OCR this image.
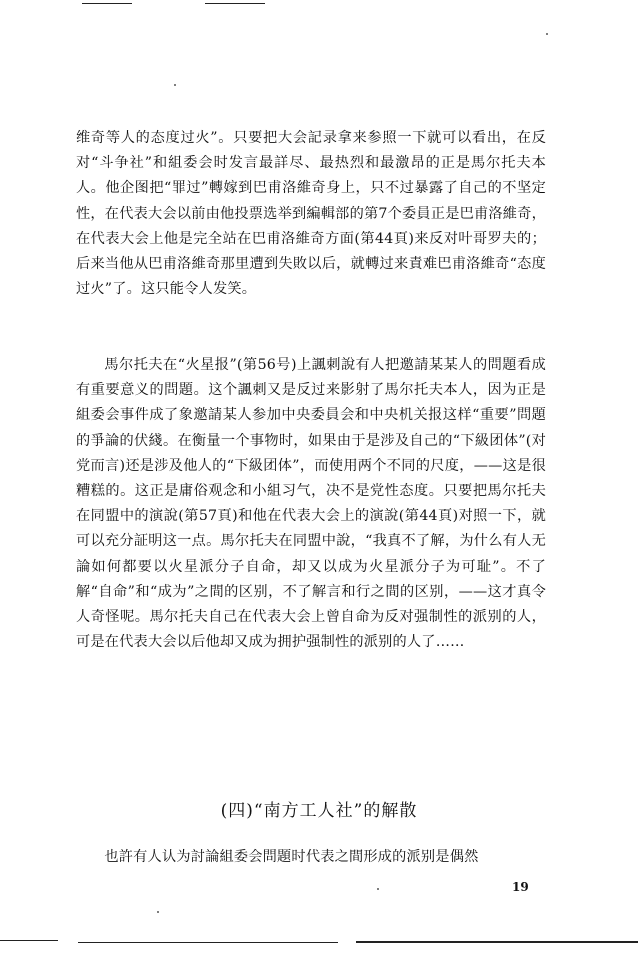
维奇等人的态度过火”。只要把大会記录拿来参照一下就可以看出，在反对“斗争社”和組委会时发言最詳尽、最热烈和最激昂的正是馬尔托夫本人。他企图把“罪过”轉嫁到巴甫洛維奇身上，只不过暴露了自己的不坚定性，在代表大会以前由他投票选举到編輯部的第7个委員正是巴甫洛維奇，在代表大会上他是完全站在巴甫洛維奇方面(第44頁)来反对叶哥罗夫的；后来当他从巴甫洛維奇那里遭到失敗以后，就轉过来責难巴甫洛維奇“态度过火”了。这只能令人发笑。

馬尔托夫在“火星报”(第56号)上諷刺說有人把邀請某某人的問題看成有重要意义的問題。这个諷刺又是反过来影射了馬尔托夫本人，因为正是組委会事件成了象邀請某人参加中央委員会和中央机关报这样“重要”問題的爭論的伏綫。在衡量一个事物时，如果由于是涉及自己的“下級团体”(对党而言)还是涉及他人的“下級团体”，而使用两个不同的尺度，——这是很糟糕的。这正是庸俗观念和小組习气，决不是党性态度。只要把馬尔托夫在同盟中的演說(第57頁)和他在代表大会上的演說(第44頁)对照一下，就可以充分証明这一点。馬尔托夫在同盟中說，“我真不了解，为什么有人无論如何都要以火星派分子自命，却又以成为火星派分子为可耻”。不了解“自命”和“成为”之間的区别，不了解言和行之間的区别，——这才真令人奇怪呢。馬尔托夫自己在代表大会上曾自命为反对强制性的派别的人，可是在代表大会以后他却又成为拥护强制性的派别的人了……

(四)“南方工人社”的解散

也許有人认为討論組委会問題时代表之間形成的派别是偶然

19
